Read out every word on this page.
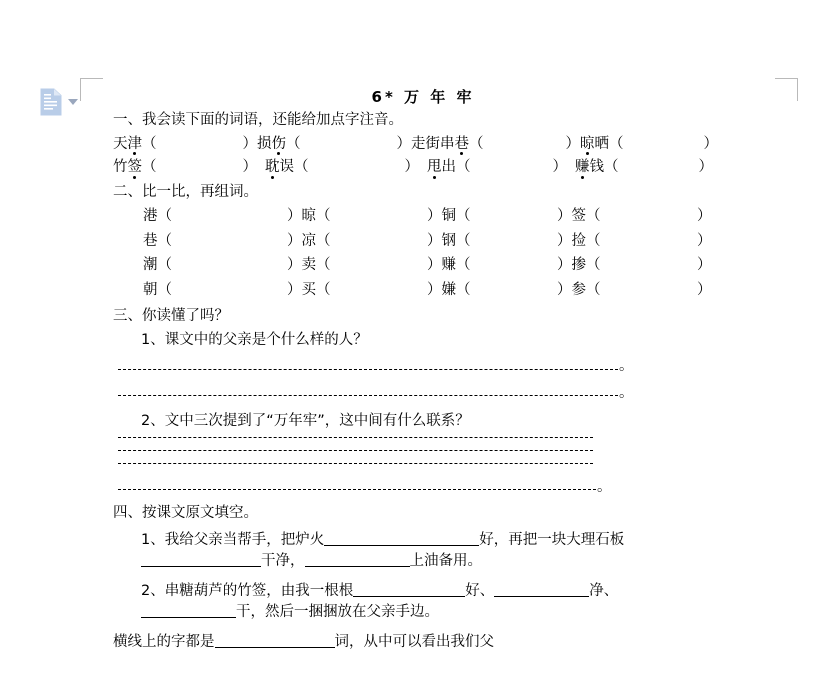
6* 万 年 牢
一、我会读下面的词语，还能给加点字注音。
天津 （	） 损伤 （	） 走街串巷 （	） 晾晒 （	）
竹签 （	） 耽误 （	） 甩出 （	） 赚钱 （	）
二、比一比，再组词。
港 （	） 晾 （	） 铜 （	） 签 （	）
巷 （	） 凉 （	） 钢 （	） 捡 （	）
潮 （	） 卖 （	） 赚 （	） 掺 （	）
朝 （	） 买 （	） 嫌 （	） 参 （	）
三、你读懂了吗？
1、课文中的父亲是个什么样的人？
。
。
2、文中三次提到了“万年牢”，这中间有什么联系？
。
四、按课文原文填空。
1、我给父亲当帮手，把炉火	好，再把一块大理石板干净，	上油备用。
2、串糖葫芦的竹签，由我一根根	好、	净、干，然后一捆捆放在父亲手边。
横线上的字都是	词，从中可以看出我们父
